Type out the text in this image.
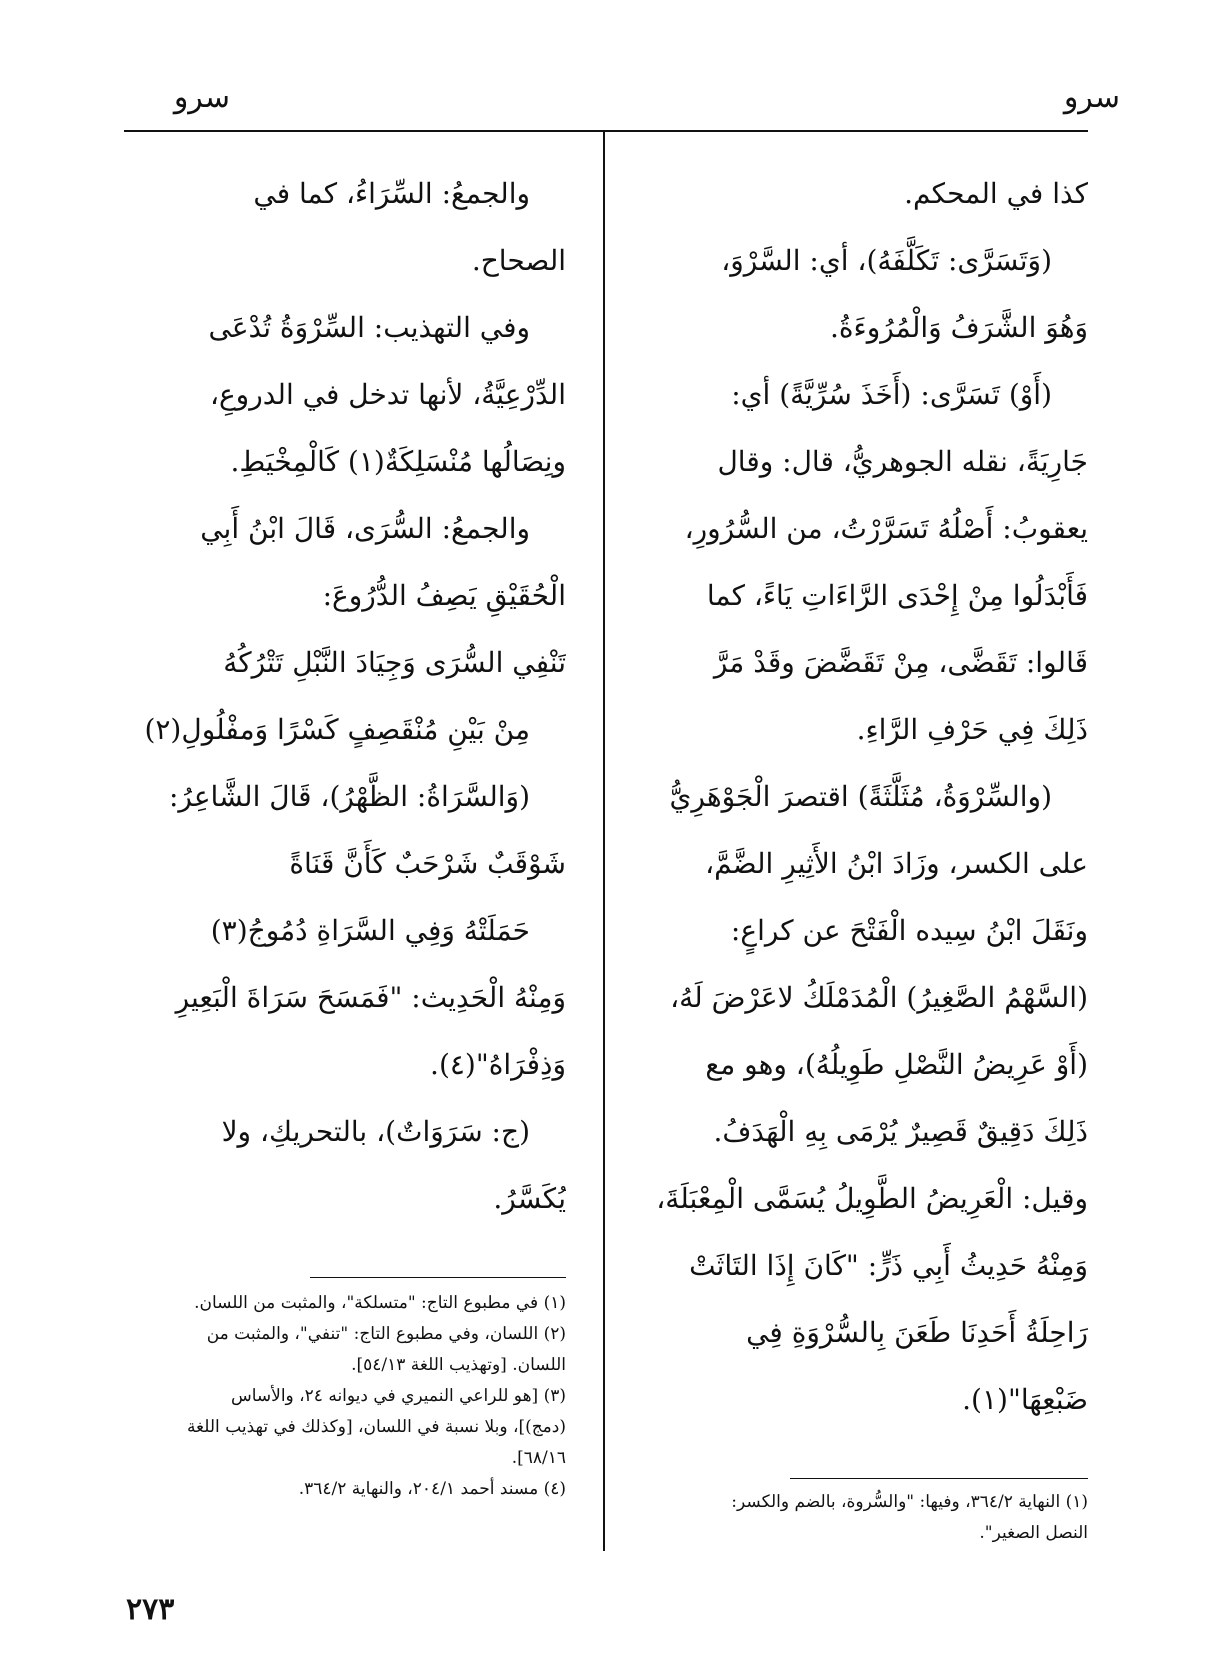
سرو
سرو
كذا في المحكم.
(وَتَسَرَّى: تَكَلَّفَهُ)، أي: السَّرْوَ،
وَهُوَ الشَّرَفُ وَالْمُرُوءَةُ.
(أَوْ) تَسَرَّى: (أَخَذَ سُرِّيَّةً) أي:
جَارِيَةً، نقله الجوهريُّ، قال: وقال
يعقوبُ: أَصْلُهُ تَسَرَّرْتُ، من السُّرُورِ،
فَأَبْدَلُوا مِنْ إِحْدَى الرَّاءَاتِ يَاءً، كما
قَالوا: تَقَضَّى، مِنْ تَقَضَّضَ وقَدْ مَرَّ
ذَلِكَ فِي حَرْفِ الرَّاءِ.
(والسِّرْوَةُ، مُثَلَّثَةً) اقتصرَ الْجَوْهَرِيُّ
على الكسر، وزَادَ ابْنُ الأَثِيرِ الضَّمَّ،
ونَقَلَ ابْنُ سِيده الْفَتْحَ عن كراعٍ:
(السَّهْمُ الصَّغِيرُ) الْمُدَمْلَكُ لاعَرْضَ لَهُ،
(أَوْ عَرِيضُ النَّصْلِ طَوِيلُهُ)، وهو مع
ذَلِكَ دَقِيقٌ قَصِيرٌ يُرْمَى بِهِ الْهَدَفُ.
وقيل: الْعَرِيضُ الطَّوِيلُ يُسَمَّى الْمِعْبَلَةَ،
وَمِنْهُ حَدِيثُ أَبِي ذَرٍّ: "كَانَ إِذَا التَاثَتْ
رَاحِلَةُ أَحَدِنَا طَعَنَ بِالسُّرْوَةِ فِي
ضَبْعِهَا"(١).
والجمعُ: السِّرَاءُ، كما في
الصحاح.
وفي التهذيب: السِّرْوَةُ تُدْعَى
الدِّرْعِيَّةُ، لأنها تدخل في الدروعِ،
ونِصَالُها مُنْسَلِكَةٌ(١) كَالْمِخْيَطِ.
والجمعُ: السُّرَى، قَالَ ابْنُ أَبِي
الْحُقَيْقِ يَصِفُ الدُّرُوعَ:
تَنْفِي السُّرَى وَجِيَادَ النَّبْلِ تَتْرُكُهُ
مِنْ بَيْنِ مُنْقَصِفٍ كَسْرًا وَمفْلُولِ(٢)
(وَالسَّرَاةُ: الظَّهْرُ)، قَالَ الشَّاعِرُ:
شَوْقَبٌ شَرْحَبٌ كَأَنَّ قَنَاةً
حَمَلَتْهُ وَفِي السَّرَاةِ دُمُوجُ(٣)
وَمِنْهُ الْحَدِيث: "فَمَسَحَ سَرَاةَ الْبَعِيرِ
وَذِفْرَاهُ"(٤).
(ج: سَرَوَاتٌ)، بالتحريكِ، ولا
يُكَسَّرُ.
(١) في مطبوع التاج: "متسلكة"، والمثبت من اللسان.
(٢) اللسان، وفي مطبوع التاج: "تنفي"، والمثبت من
اللسان. [وتهذيب اللغة ٥٤/١٣].
(٣) [هو للراعي النميري في ديوانه ٢٤، والأساس
(دمج)]، وبلا نسبة في اللسان، [وكذلك في تهذيب اللغة
٦٨/١٦].
(٤) مسند أحمد ٢٠٤/١، والنهاية ٣٦٤/٢.
(١) النهاية ٣٦٤/٢، وفيها: "والسُّروة، بالضم والكسر:
النصل الصغير".
٢٧٣
